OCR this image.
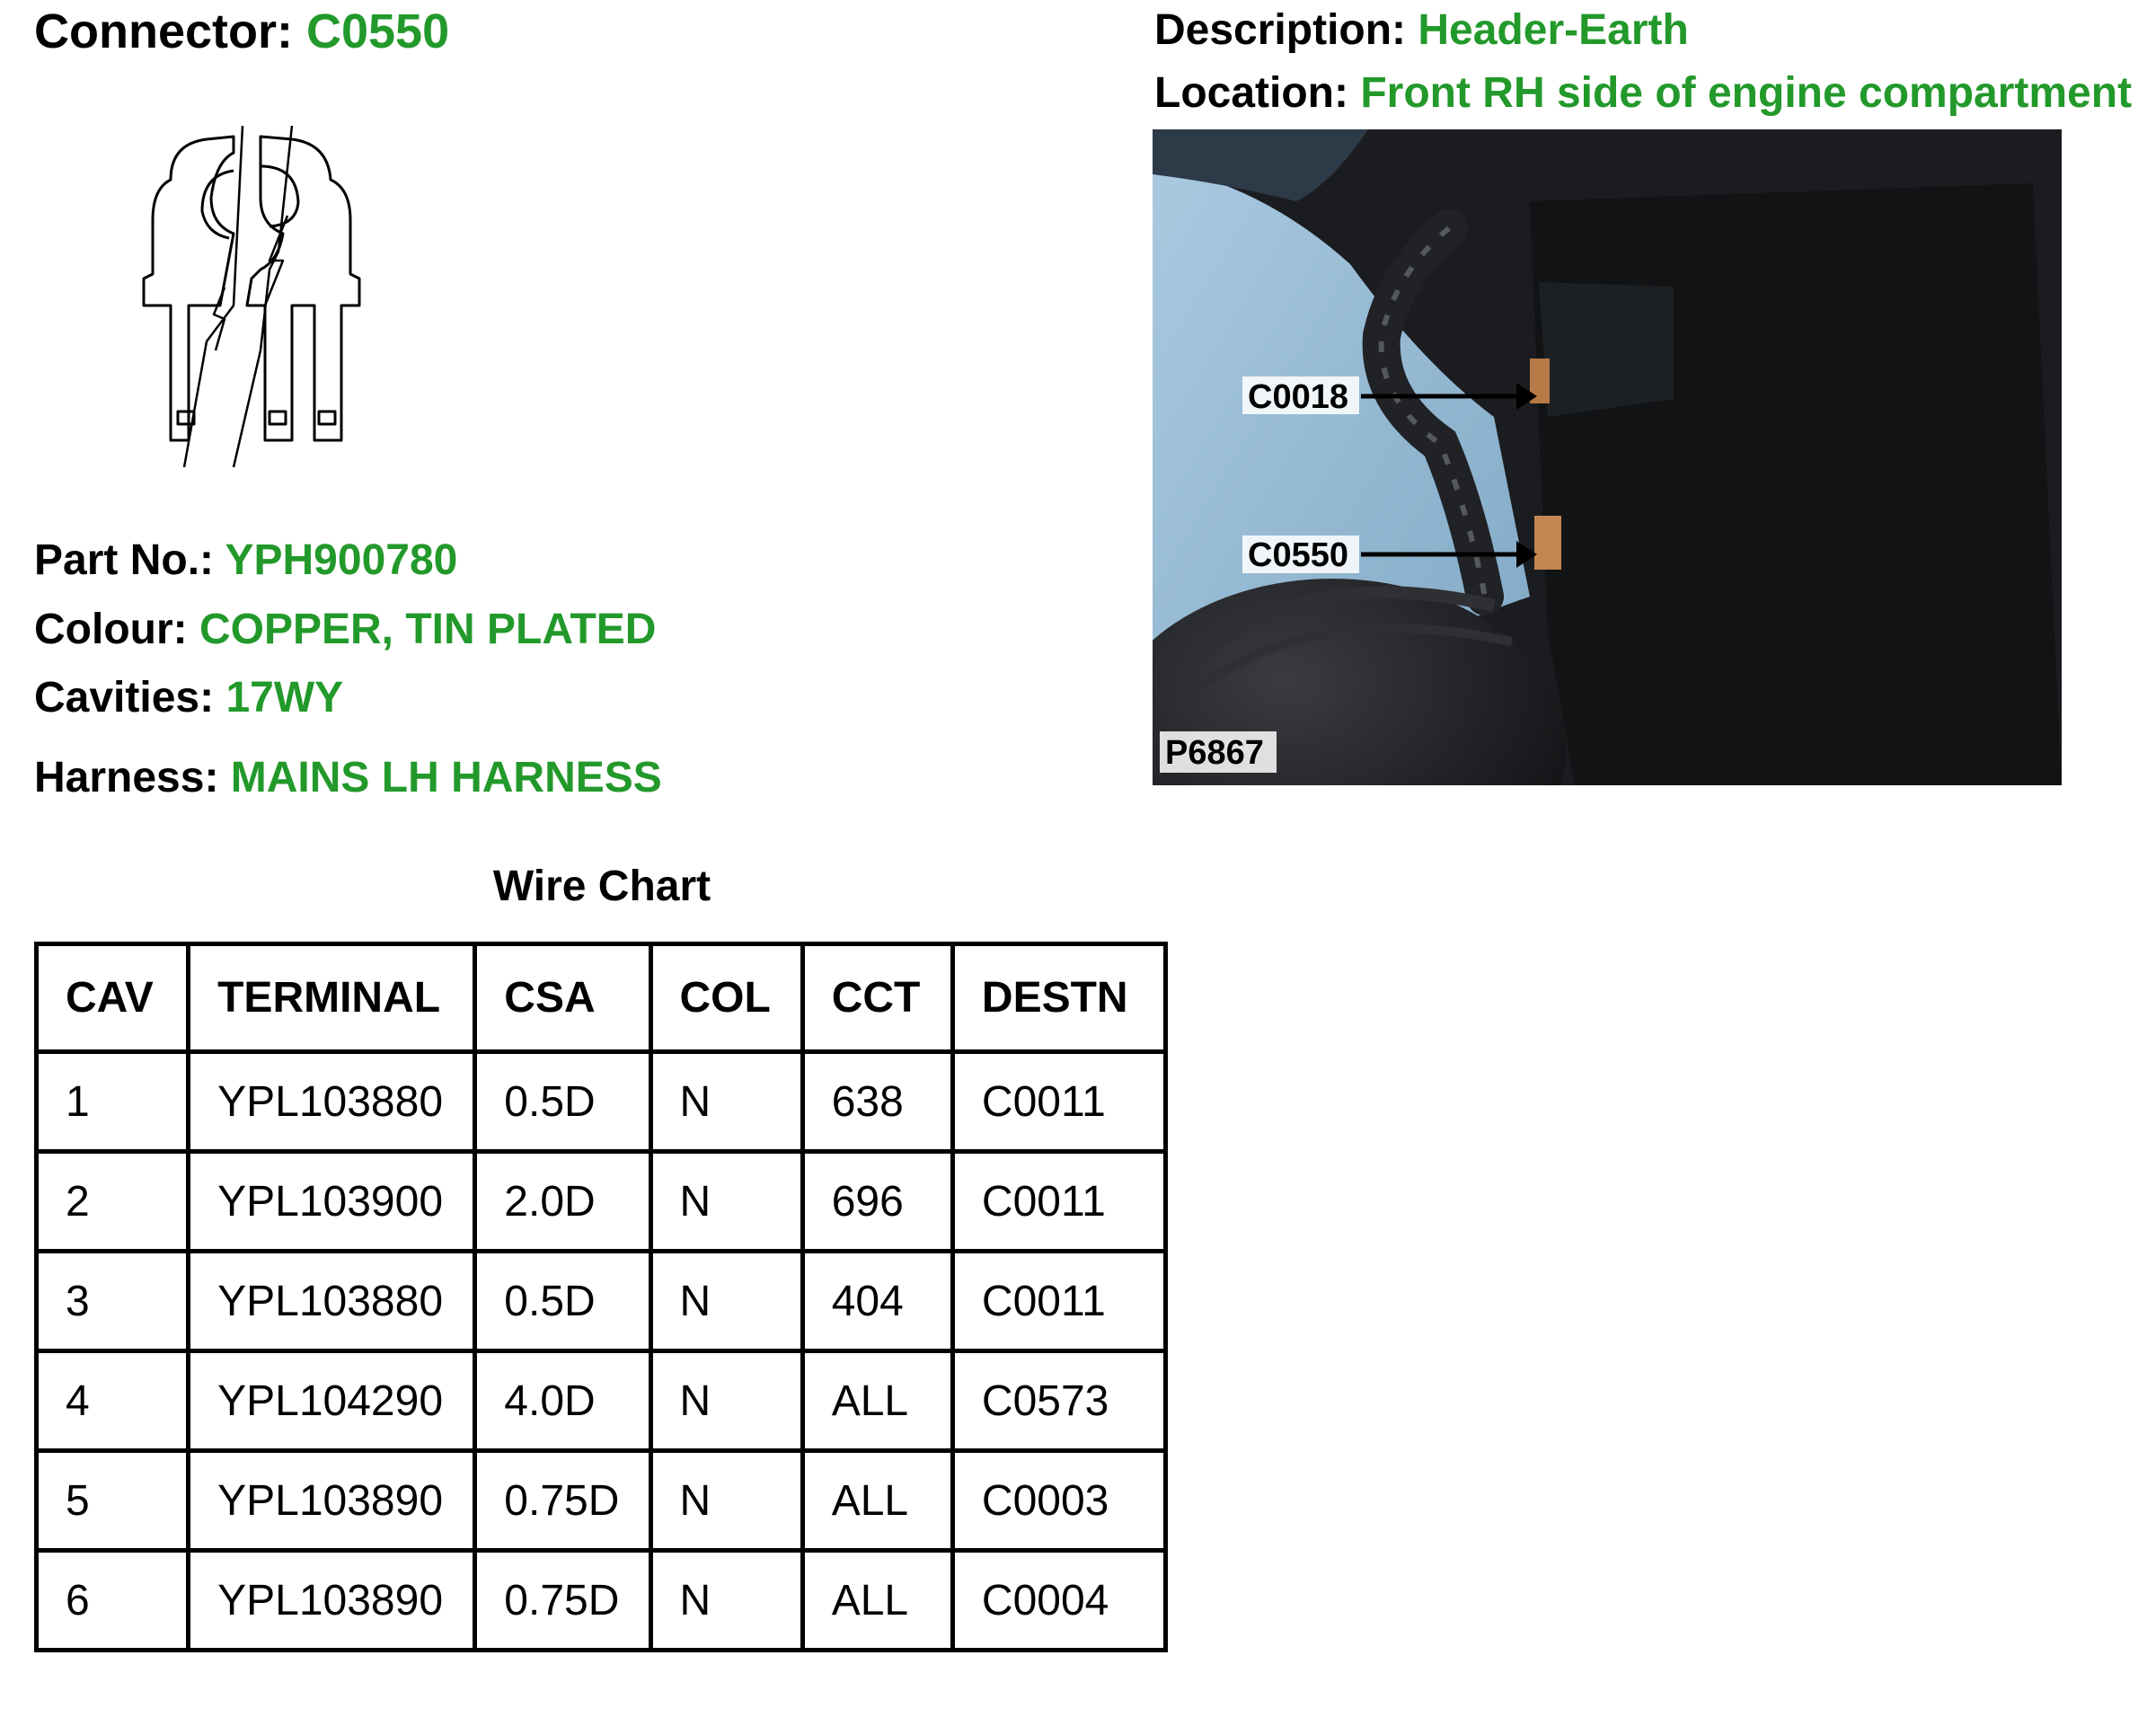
Connector: C0550	Description: Header-Earth
Location: Front RH side of engine compartment
Part No.: YPH900780
Colour: COPPER, TIN PLATED
Cavities: 17WY
Harness: MAINS LH HARNESS
C0018
C0550
P6867
Wire Chart
CAV	TERMINAL	CSA	COL	CCT	DESTN
1	YPL103880	0.5D	N	638	C0011
2	YPL103900	2.0D	N	696	C0011
3	YPL103880	0.5D	N	404	C0011
4	YPL104290	4.0D	N	ALL	C0573
5	YPL103890	0.75D	N	ALL	C0003
6	YPL103890	0.75D	N	ALL	C0004
